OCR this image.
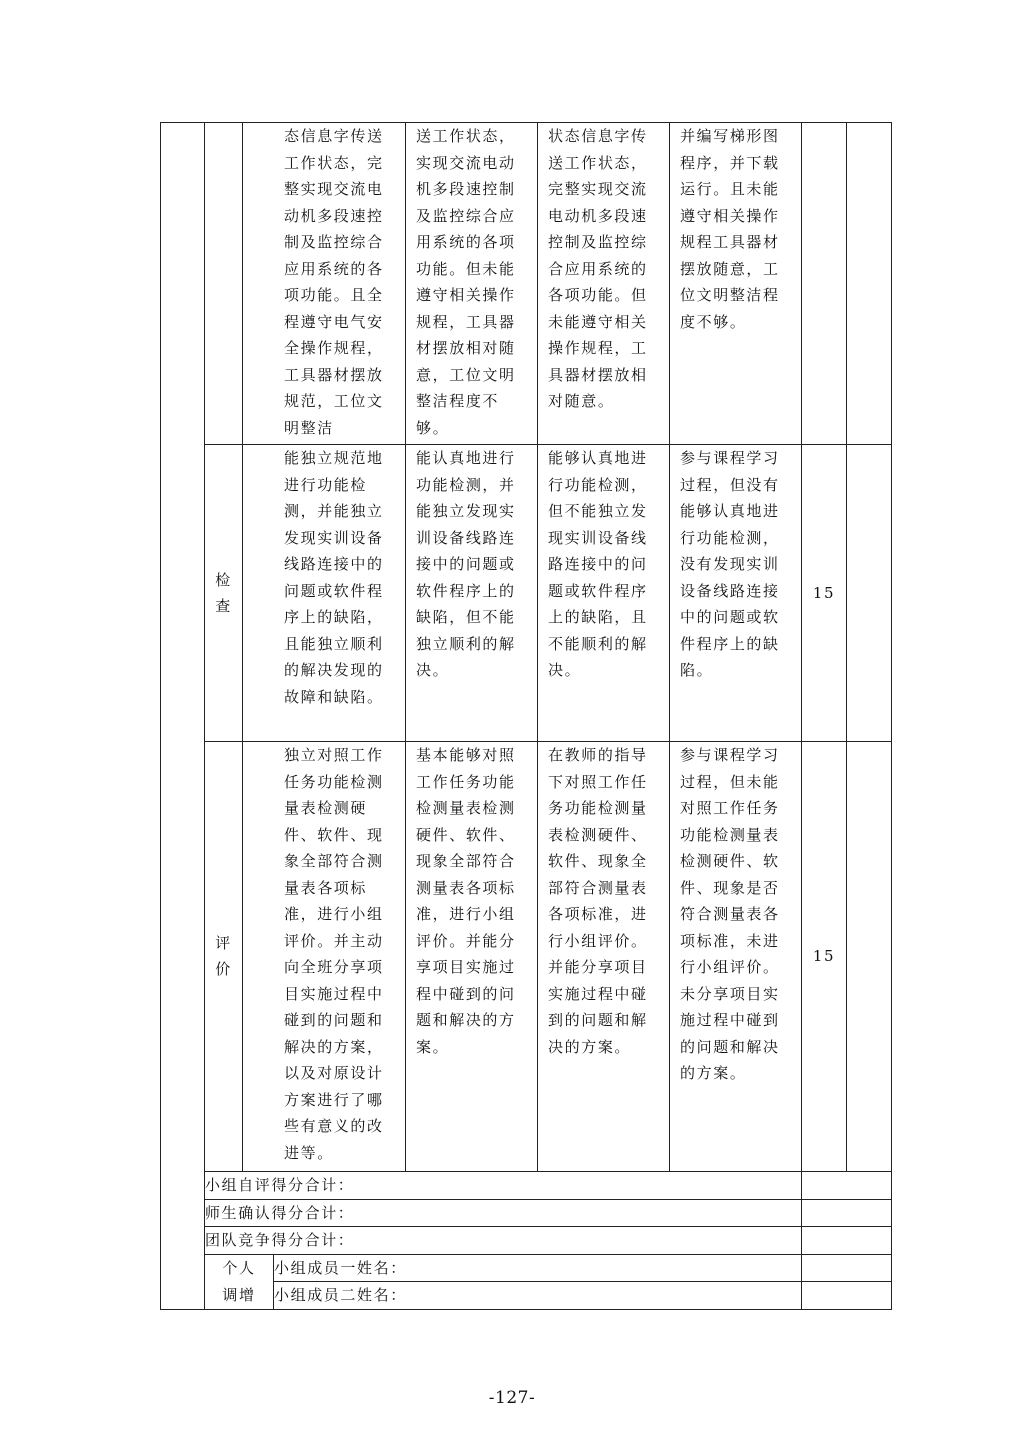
		态信息字传送工作状态，完整实现交流电动机多段速控制及监控综合应用系统的各项功能。且全程遵守电气安全操作规程，工具器材摆放规范，工位文明整洁		送工作状态，实现交流电动机多段速控制及监控综合应用系统的各项功能。但未能遵守相关操作规程，工具器材摆放相对随意，工位文明整洁程度不够。	状态信息字传送工作状态，完整实现交流电动机多段速控制及监控综合应用系统的各项功能。但未能遵守相关操作规程，工具器材摆放相对随意。	并编写梯形图程序，并下载运行。且未能遵守相关操作规程工具器材摆放随意，工位文明整洁程度不够。		

	检查	能独立规范地进行功能检测，并能独立发现实训设备线路连接中的问题或软件程序上的缺陷，且能独立顺利的解决发现的故障和缺陷。		能认真地进行功能检测，并能独立发现实训设备线路连接中的问题或软件程序上的缺陷，但不能独立顺利的解决。	能够认真地进行功能检测，但不能独立发现实训设备线路连接中的问题或软件程序上的缺陷，且不能顺利的解决。	参与课程学习过程，但没有能够认真地进行功能检测，没有发现实训设备线路连接中的问题或软件程序上的缺陷。	15	
	评价	独立对照工作任务功能检测量表检测硬件、软件、现象全部符合测量表各项标准，进行小组评价。并主动向全班分享项目实施过程中碰到的问题和解决的方案，以及对原设计方案进行了哪些有意义的改进等。		基本能够对照工作任务功能检测量表检测硬件、软件、现象全部符合测量表各项标准，进行小组评价。并能分享项目实施过程中碰到的问题和解决的方案。	在教师的指导下对照工作任务功能检测量表检测硬件、软件、现象全部符合测量表各项标准，进行小组评价。并能分享项目实施过程中碰到的问题和解决的方案。	参与课程学习过程，但未能对照工作任务功能检测量表检测硬件、软件、现象是否符合测量表各项标准，未进行小组评价。未分享项目实施过程中碰到的问题和解决的方案。	15	
	小组自评得分合计：							
	师生确认得分合计：							
	团队竞争得分合计：							
	个人调增		小组成员一姓名：					
			小组成员二姓名：					
-127-
